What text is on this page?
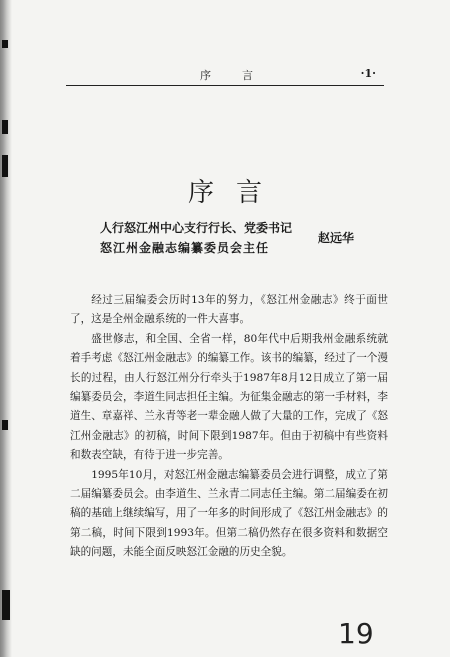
序　言	·1·
序言
人行怒江州中心支行行长、党委书记
怒江州金融志编纂委员会主任
赵远华

经过三届编委会历时13年的努力，《怒江州金融志》终于面世了，这是全州金融系统的一件大喜事。

盛世修志，和全国、全省一样，80年代中后期我州金融系统就着手考虑《怒江州金融志》的编纂工作。该书的编纂，经过了一个漫长的过程，由人行怒江州分行牵头于1987年8月12日成立了第一届编纂委员会，李道生同志担任主编。为征集金融志的第一手材料，李道生、章嘉祥、兰永青等老一辈金融人做了大量的工作，完成了《怒江州金融志》的初稿，时间下限到1987年。但由于初稿中有些资料和数表空缺，有待于进一步完善。

1995年10月，对怒江州金融志编纂委员会进行调整，成立了第二届编纂委员会。由李道生、兰永青二同志任主编。第二届编委在初稿的基础上继续编写，用了一年多的时间形成了《怒江州金融志》的第二稿，时间下限到1993年。但第二稿仍然存在很多资料和数据空缺的问题，未能全面反映怒江金融的历史全貌。

19
